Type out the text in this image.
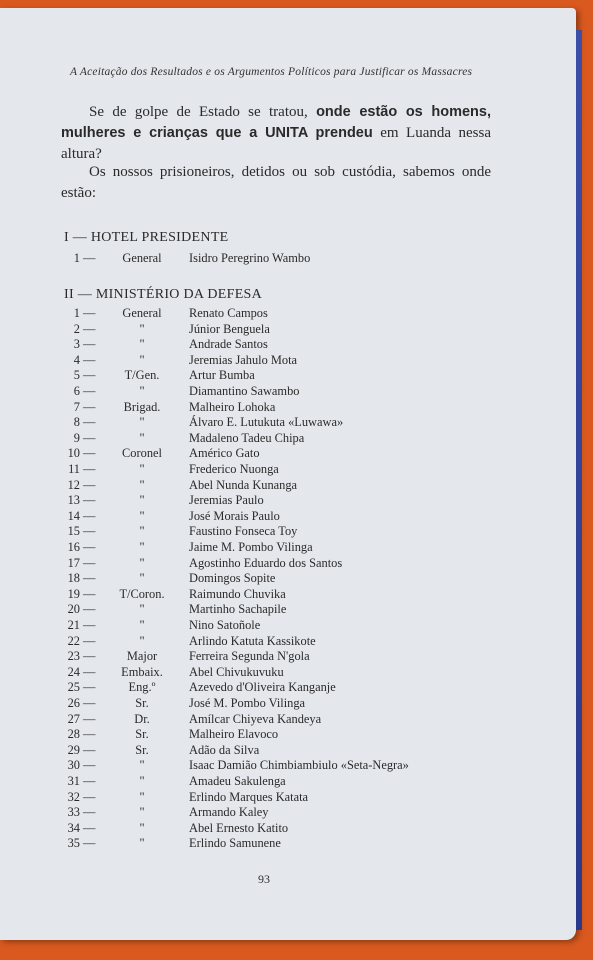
A Aceitação dos Resultados e os Argumentos Políticos para Justificar os Massacres
Se de golpe de Estado se tratou, onde estão os homens, mulheres e crianças que a UNITA prendeu em Luanda nessa altura?
Os nossos prisioneiros, detidos ou sob custódia, sabemos onde estão:
I — HOTEL PRESIDENTE
1 —	General	Isidro Peregrino Wambo
II — MINISTÉRIO DA DEFESA
1 —	General	Renato Campos
2 —	"	Júnior Benguela
3 —	"	Andrade Santos
4 —	"	Jeremias Jahulo Mota
5 —	T/Gen.	Artur Bumba
6 —	"	Diamantino Sawambo
7 —	Brigad.	Malheiro Lohoka
8 —	"	Álvaro E. Lutukuta «Luwawa»
9 —	"	Madaleno Tadeu Chipa
10 —	Coronel	Américo Gato
11 —	"	Frederico Nuonga
12 —	"	Abel Nunda Kunanga
13 —	"	Jeremias Paulo
14 —	"	José Morais Paulo
15 —	"	Faustino Fonseca Toy
16 —	"	Jaime M. Pombo Vilinga
17 —	"	Agostinho Eduardo dos Santos
18 —	"	Domingos Sopite
19 —	T/Coron.	Raimundo Chuvika
20 —	"	Martinho Sachapile
21 —	"	Nino Satoñole
22 —	"	Arlindo Katuta Kassikote
23 —	Major	Ferreira Segunda N'gola
24 —	Embaix.	Abel Chivukuvuku
25 —	Eng.º	Azevedo d'Oliveira Kanganje
26 —	Sr.	José M. Pombo Vilinga
27 —	Dr.	Amílcar Chiyeva Kandeya
28 —	Sr.	Malheiro Elavoco
29 —	Sr.	Adão da Silva
30 —	"	Isaac Damião Chimbiambiulo «Seta-Negra»
31 —	"	Amadeu Sakulenga
32 —	"	Erlindo Marques Katata
33 —	"	Armando Kaley
34 —	"	Abel Ernesto Katito
35 —	"	Erlindo Samunene
93
